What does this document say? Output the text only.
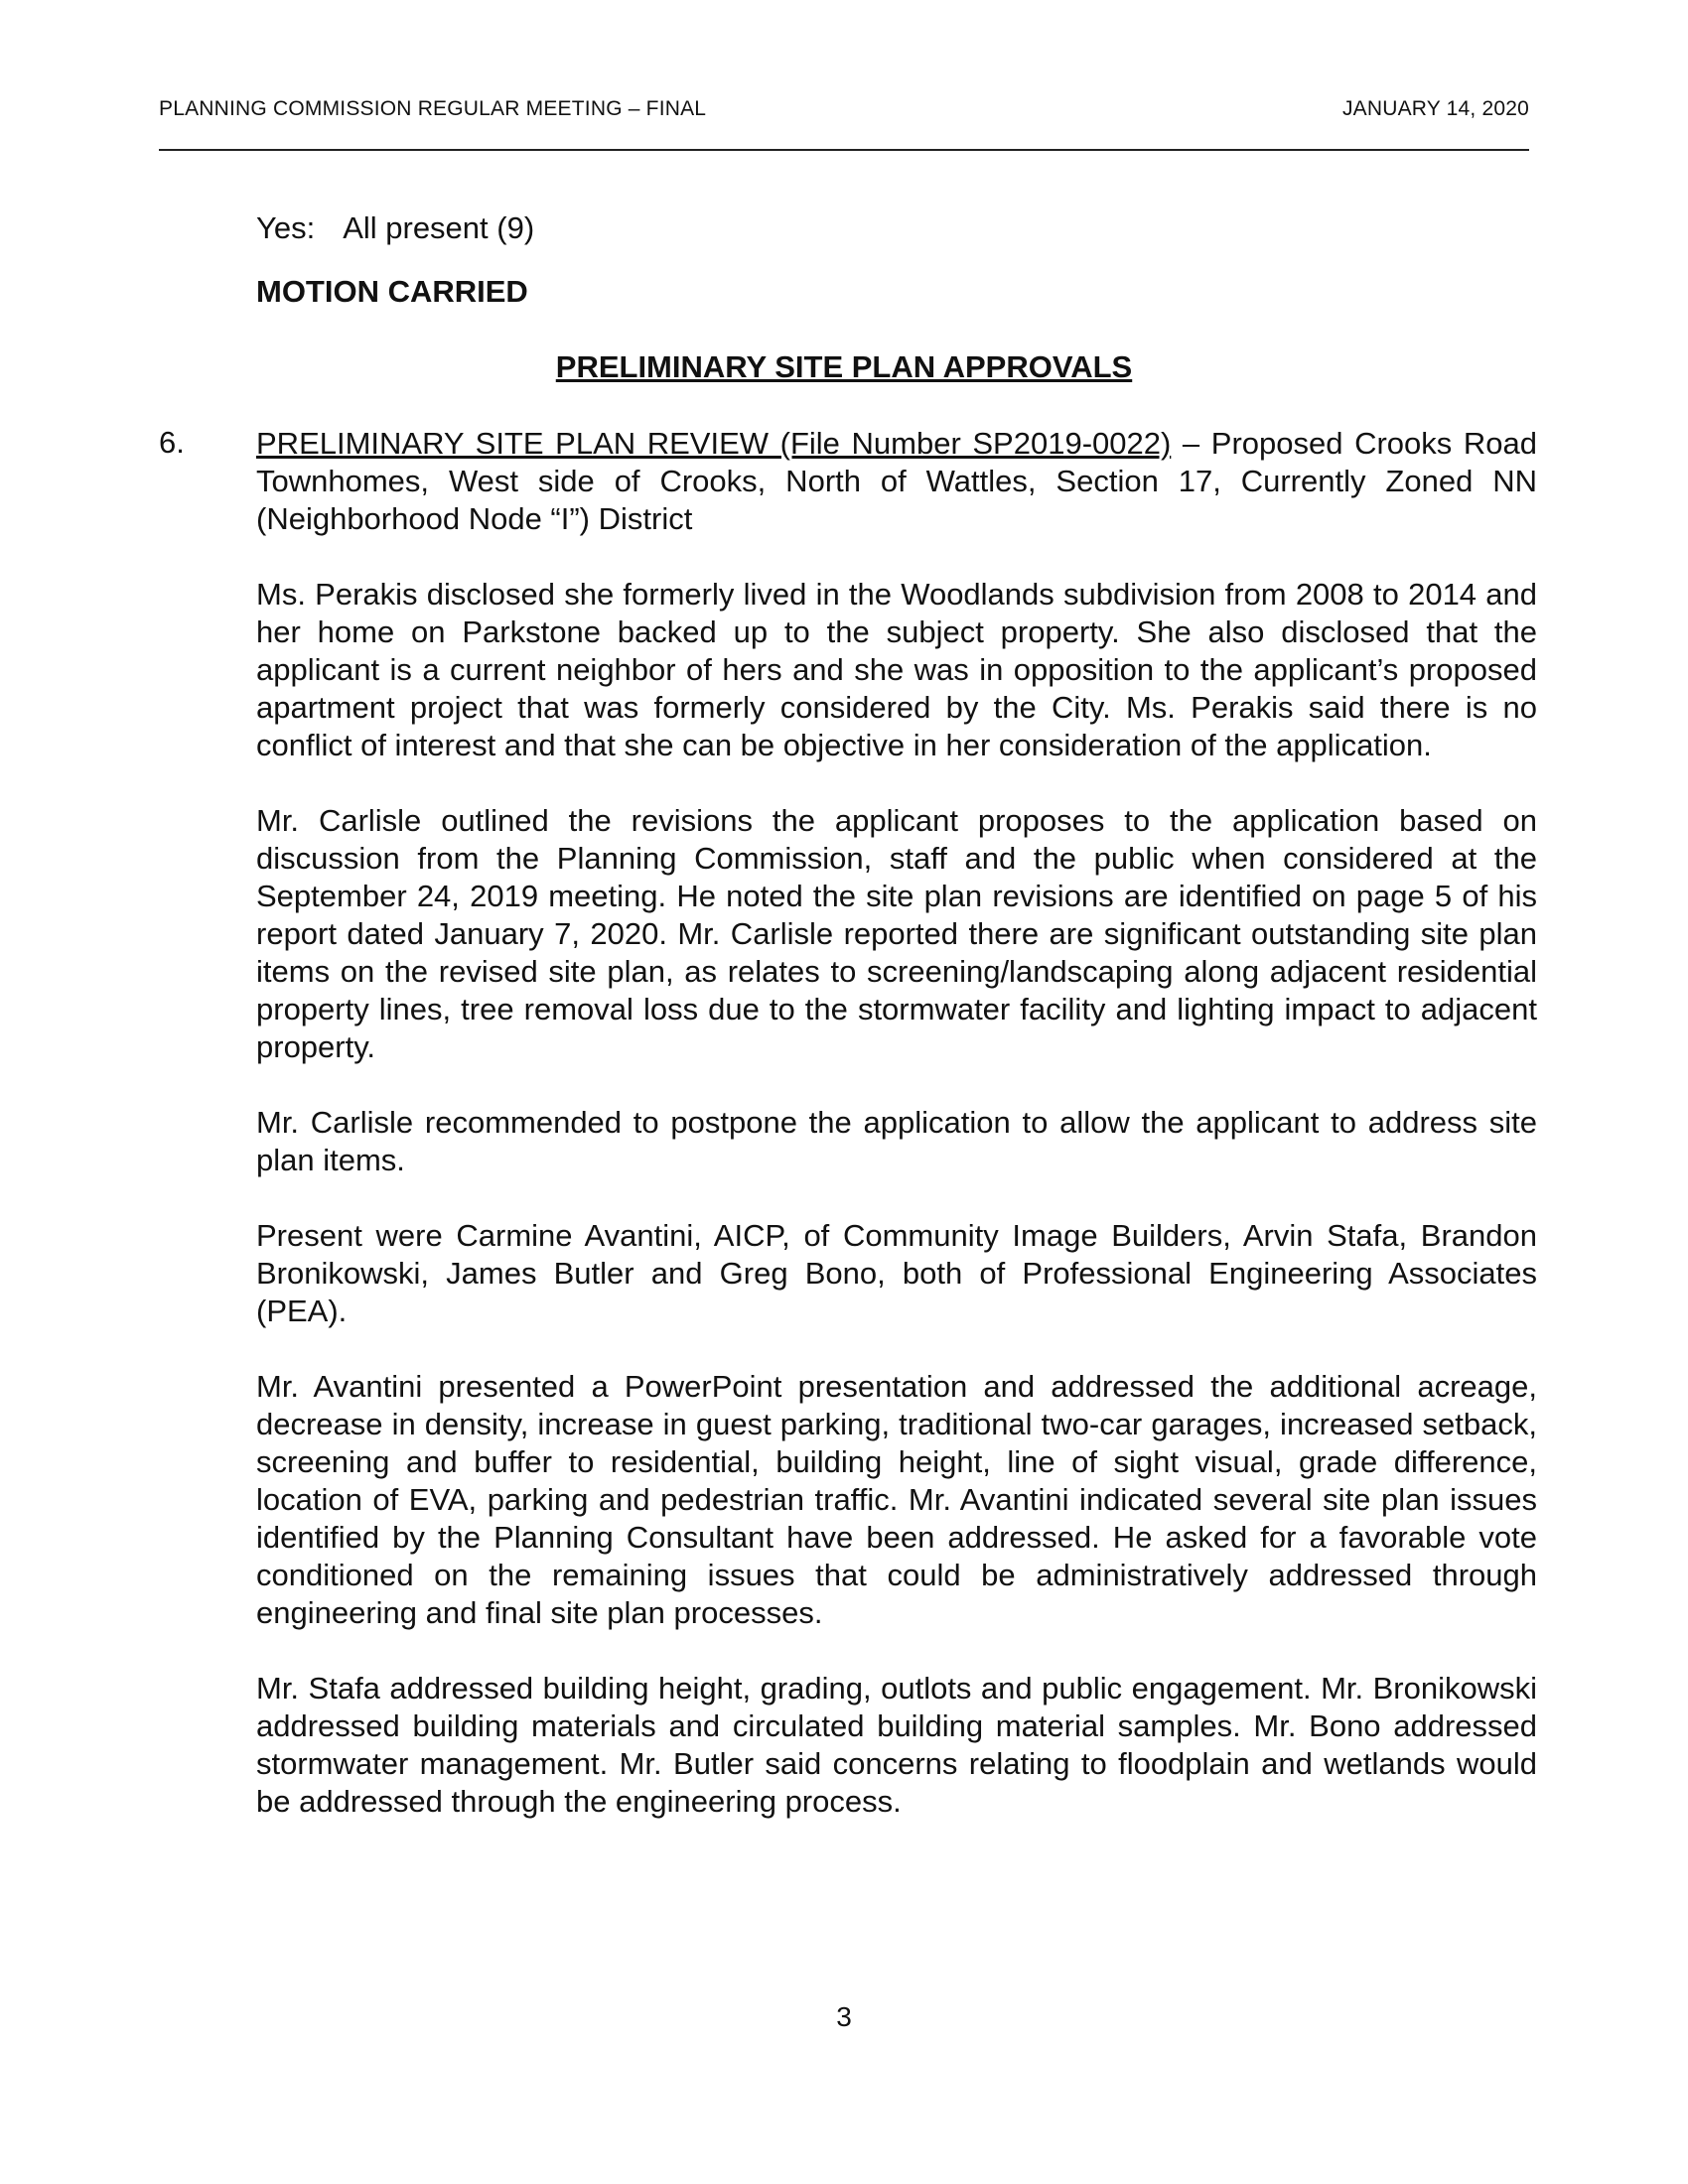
PLANNING COMMISSION REGULAR MEETING – FINAL	JANUARY 14, 2020
Yes: All present (9)
MOTION CARRIED
PRELIMINARY SITE PLAN APPROVALS
6. PRELIMINARY SITE PLAN REVIEW (File Number SP2019-0022) – Proposed Crooks Road Townhomes, West side of Crooks, North of Wattles, Section 17, Currently Zoned NN (Neighborhood Node “I”) District

Ms. Perakis disclosed she formerly lived in the Woodlands subdivision from 2008 to 2014 and her home on Parkstone backed up to the subject property. She also disclosed that the applicant is a current neighbor of hers and she was in opposition to the applicant’s proposed apartment project that was formerly considered by the City. Ms. Perakis said there is no conflict of interest and that she can be objective in her consideration of the application.

Mr. Carlisle outlined the revisions the applicant proposes to the application based on discussion from the Planning Commission, staff and the public when considered at the September 24, 2019 meeting. He noted the site plan revisions are identified on page 5 of his report dated January 7, 2020. Mr. Carlisle reported there are significant outstanding site plan items on the revised site plan, as relates to screening/landscaping along adjacent residential property lines, tree removal loss due to the stormwater facility and lighting impact to adjacent property.

Mr. Carlisle recommended to postpone the application to allow the applicant to address site plan items.

Present were Carmine Avantini, AICP, of Community Image Builders, Arvin Stafa, Brandon Bronikowski, James Butler and Greg Bono, both of Professional Engineering Associates (PEA).

Mr. Avantini presented a PowerPoint presentation and addressed the additional acreage, decrease in density, increase in guest parking, traditional two-car garages, increased setback, screening and buffer to residential, building height, line of sight visual, grade difference, location of EVA, parking and pedestrian traffic. Mr. Avantini indicated several site plan issues identified by the Planning Consultant have been addressed. He asked for a favorable vote conditioned on the remaining issues that could be administratively addressed through engineering and final site plan processes.

Mr. Stafa addressed building height, grading, outlots and public engagement. Mr. Bronikowski addressed building materials and circulated building material samples. Mr. Bono addressed stormwater management. Mr. Butler said concerns relating to floodplain and wetlands would be addressed through the engineering process.

3
